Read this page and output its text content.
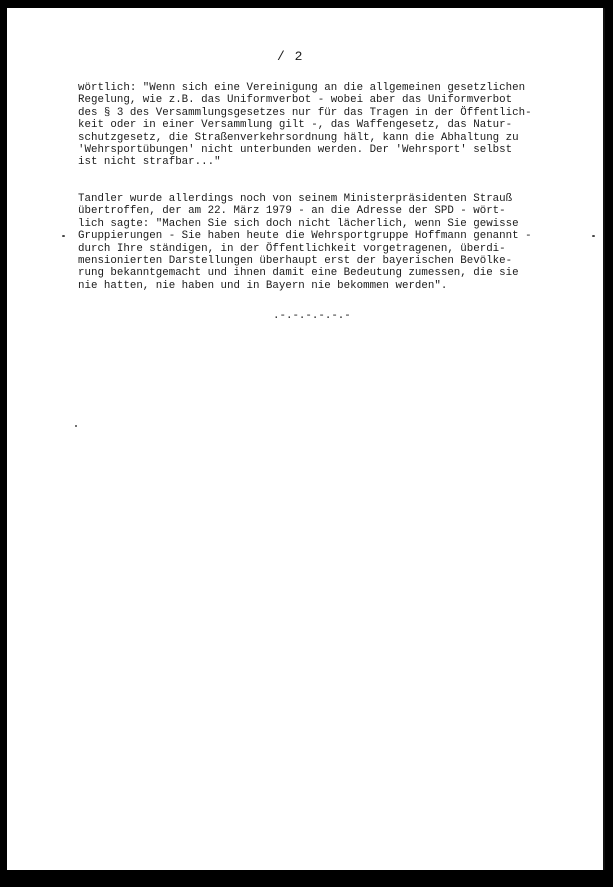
/ 2

wörtlich: "Wenn sich eine Vereinigung an die allgemeinen gesetzlichen
Regelung, wie z.B. das Uniformverbot - wobei aber das Uniformverbot
des § 3 des Versammlungsgesetzes nur für das Tragen in der Öffentlich-
keit oder in einer Versammlung gilt -, das Waffengesetz, das Natur-
schutzgesetz, die Straßenverkehrsordnung hält, kann die Abhaltung zu
'Wehrsportübungen' nicht unterbunden werden. Der 'Wehrsport' selbst
ist nicht strafbar..."

Tandler wurde allerdings noch von seinem Ministerpräsidenten Strauß
übertroffen, der am 22. März 1979 - an die Adresse der SPD - wört-
lich sagte: "Machen Sie sich doch nicht lächerlich, wenn Sie gewisse
Gruppierungen - Sie haben heute die Wehrsportgruppe Hoffmann genannt -
durch Ihre ständigen, in der Öffentlichkeit vorgetragenen, überdi-
mensionierten Darstellungen überhaupt erst der bayerischen Bevölke-
rung bekanntgemacht und ihnen damit eine Bedeutung zumessen, die sie
nie hatten, nie haben und in Bayern nie bekommen werden".

.-.-.-.-.-.-
